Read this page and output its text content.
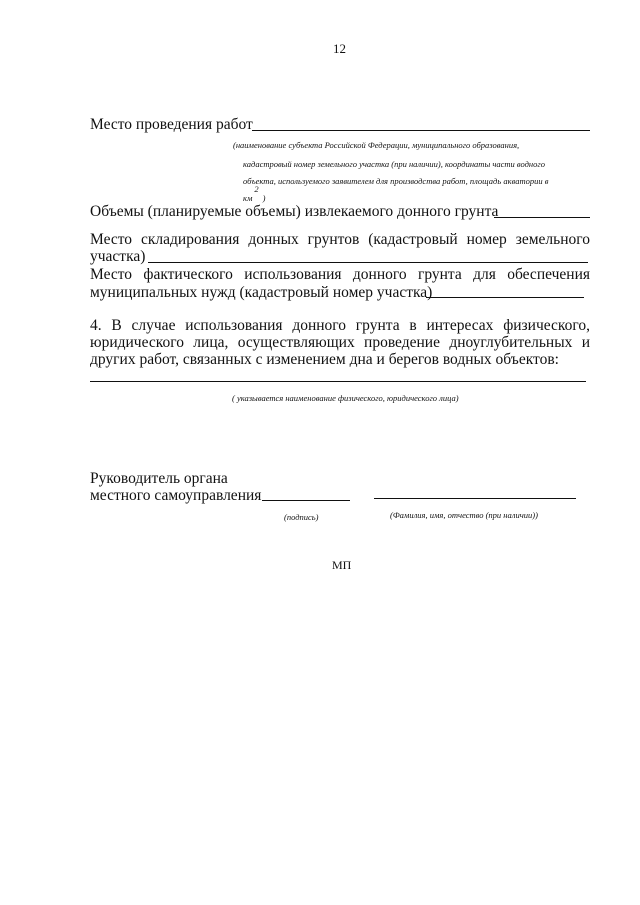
12
Место проведения работ
(наименование субъекта Российской Федерации, муниципального образования,
кадастровый номер земельного участка (при наличии), координаты части водного
объекта, используемого заявителем для производства работ, площадь акватории в
км2)
Объемы (планируемые объемы) извлекаемого донного грунта
Место складирования донных грунтов (кадастровый номер земельного
участка)
Место фактического использования донного грунта для обеспечения
муниципальных нужд (кадастровый номер участка)
4. В случае использования донного грунта в интересах физического,
юридического лица, осуществляющих проведение дноуглубительных и
других работ, связанных с изменением дна и берегов водных объектов:
( указывается наименование физического, юридического лица)
Руководитель органа
местного самоуправления
(подпись)	(Фамилия, имя, отчество (при наличии))
МП
